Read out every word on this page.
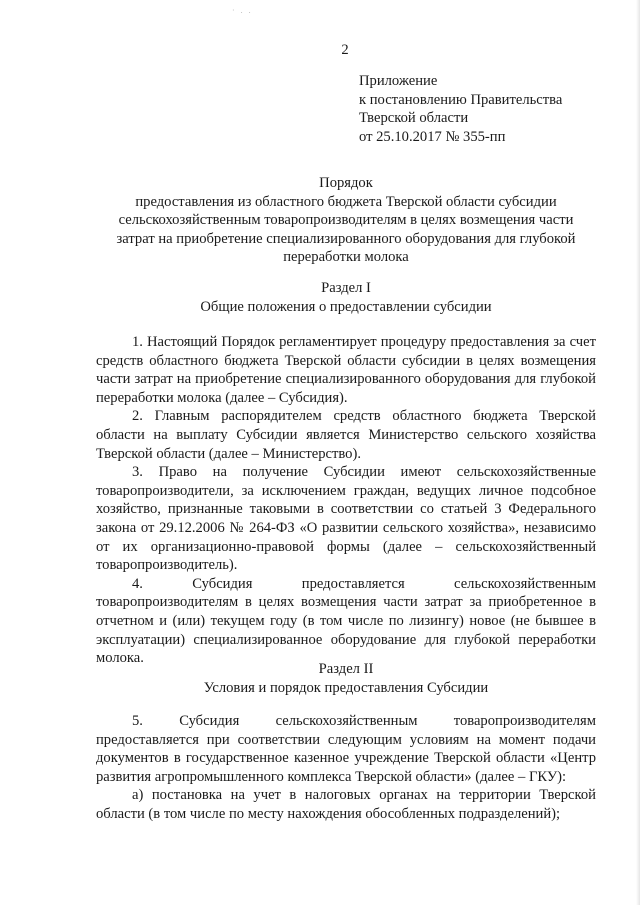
· . .
2
Приложение
к постановлению Правительства
Тверской области
от 25.10.2017 № 355-пп
Порядок
предоставления из областного бюджета Тверской области субсидии
сельскохозяйственным товаропроизводителям в целях возмещения части
затрат на приобретение специализированного оборудования для глубокой
переработки молока
Раздел I
Общие положения о предоставлении субсидии

1. Настоящий Порядок регламентирует процедуру предоставления за счет средств областного бюджета Тверской области субсидии в целях возмещения части затрат на приобретение специализированного оборудования для глубокой переработки молока (далее – Субсидия).

2. Главным распорядителем средств областного бюджета Тверской области на выплату Субсидии является Министерство сельского хозяйства Тверской области (далее – Министерство).

3. Право на получение Субсидии имеют сельскохозяйственные товаропроизводители, за исключением граждан, ведущих личное подсобное хозяйство, признанные таковыми в соответствии со статьей 3 Федерального закона от 29.12.2006 № 264-ФЗ «О развитии сельского хозяйства», независимо от их организационно-правовой формы (далее – сельскохозяйственный товаропроизводитель).

4. Субсидия предоставляется сельскохозяйственным товаропроизводителям в целях возмещения части затрат за приобретенное в отчетном и (или) текущем году (в том числе по лизингу) новое (не бывшее в эксплуатации) специализированное оборудование для глубокой переработки молока.

Раздел II
Условия и порядок предоставления Субсидии

5. Субсидия сельскохозяйственным товаропроизводителям предоставляется при соответствии следующим условиям на момент подачи документов в государственное казенное учреждение Тверской области «Центр развития агропромышленного комплекса Тверской области» (далее – ГКУ):

а) постановка на учет в налоговых органах на территории Тверской области (в том числе по месту нахождения обособленных подразделений);
